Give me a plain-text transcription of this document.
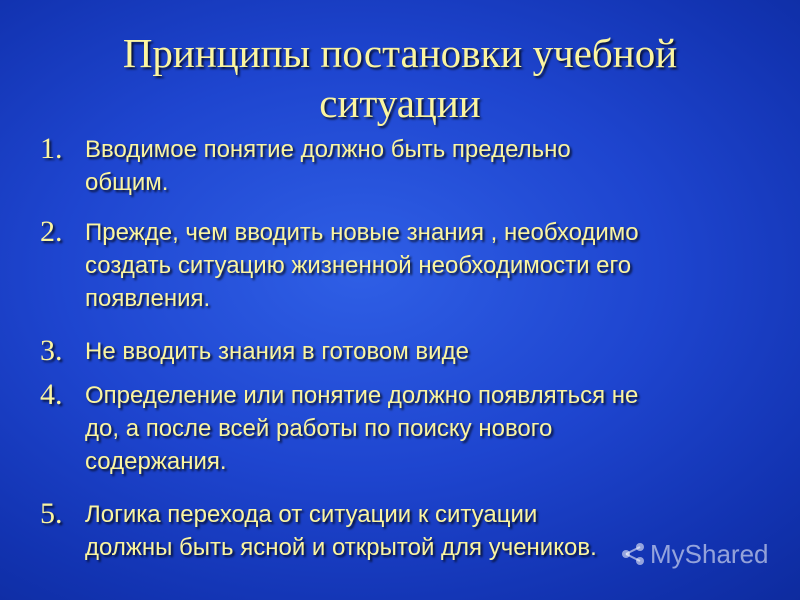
Принципы постановки учебной
ситуации
1. Вводимое понятие должно быть предельно
общим.

2. Прежде, чем вводить новые знания , необходимо
создать ситуацию жизненной необходимости его
появления.

3. Не вводить знания в готовом виде

4. Определение или понятие должно появляться не
до, а после всей работы по поиску нового
содержания.

5. Логика перехода от ситуации к ситуации
должны быть ясной и открытой для учеников.	MyShared
